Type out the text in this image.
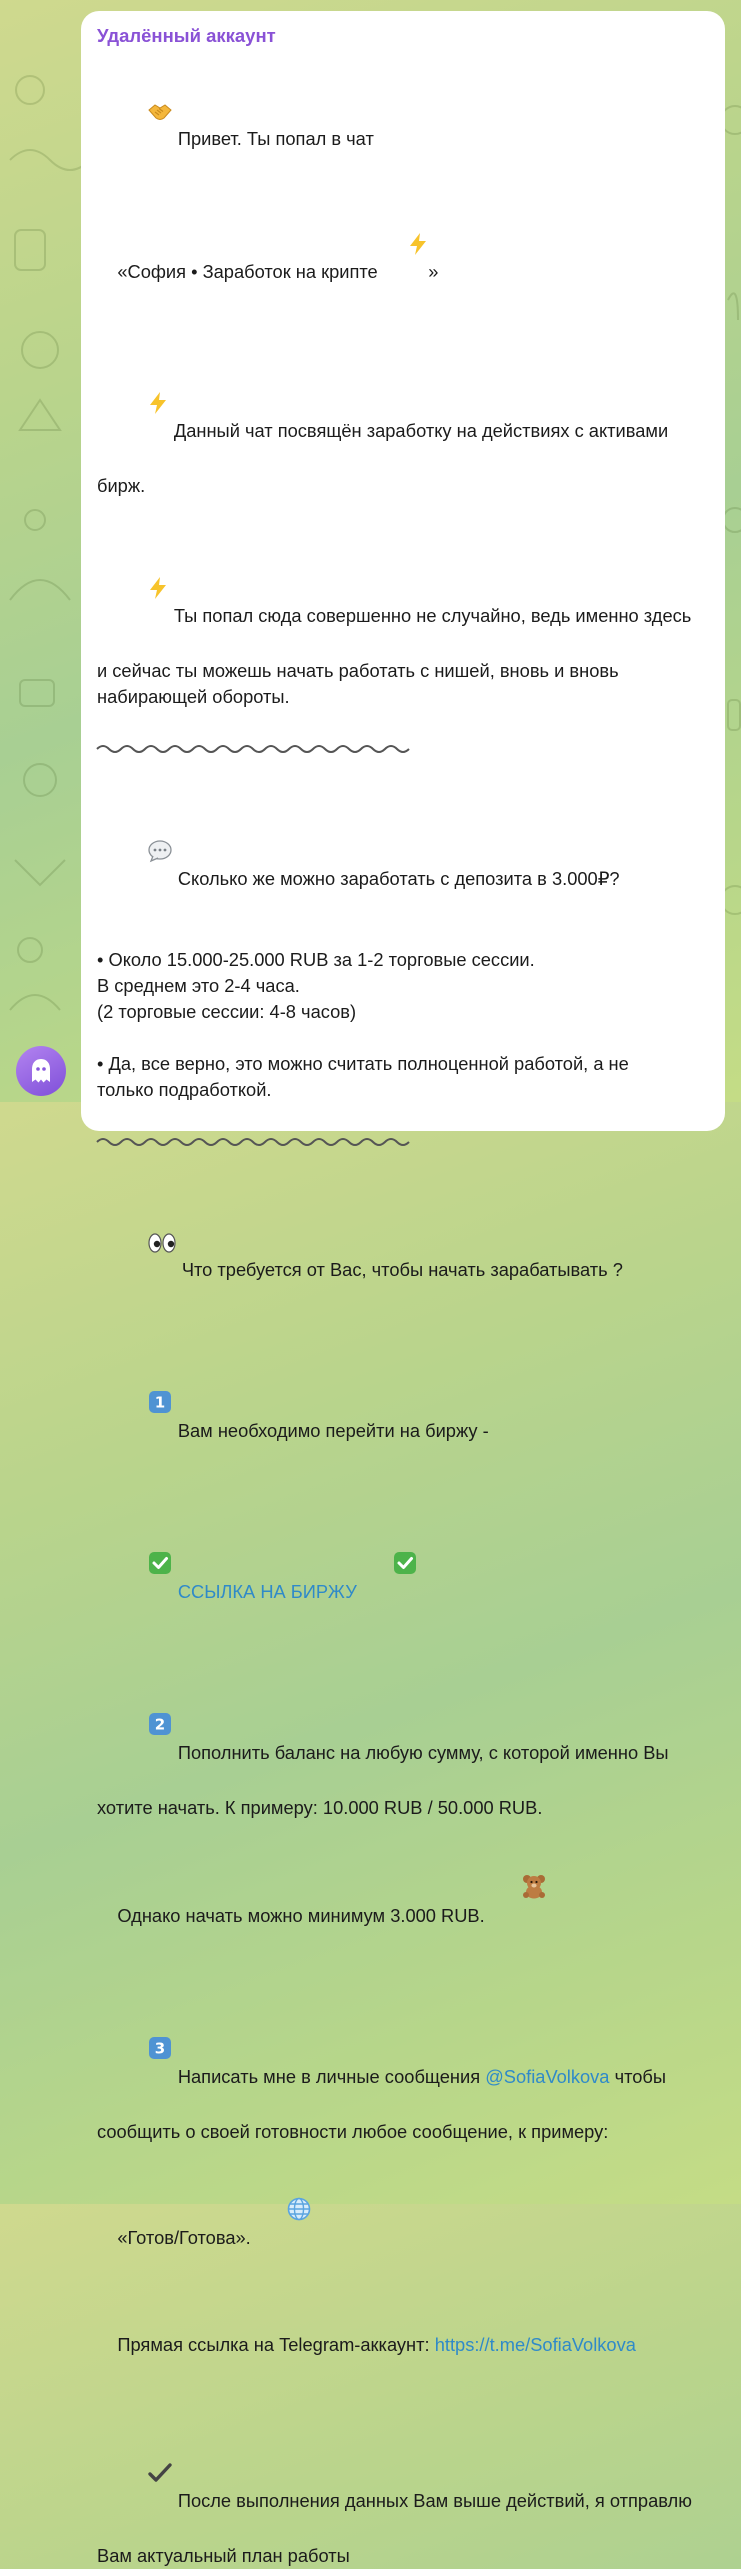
Удалённый аккаунт

Привет. Ты попал в чат

«София • Заработок на крипте
	»

Данный чат посвящён заработку на действиях с активами

бирж.

Ты попал сюда совершенно не случайно, ведь именно здесь

и сейчас ты можешь начать работать с нишей, вновь и вновь
набирающей обороты.

Сколько же можно заработать с депозита в 3.000₽?

• Около 15.000-25.000 RUB за 1-2 торговые сессии.
В среднем это 2-4 часа.
(2 торговые сессии: 4-8 часов)
• Да, все верно, это можно считать полноценной работой, а не
только подработкой.

Что требуется от Вас, чтобы начать зарабатывать ?

1

Вам необходимо перейти на биржу -

ССЫЛКА НА БИРЖУ

2

Пополнить баланс на любую сумму, с которой именно Вы

хотите начать. К примеру: 10.000 RUB / 50.000 RUB.

Однако начать можно минимум 3.000 RUB.

3

Написать мне в личные сообщения @SofiaVolkova чтобы

сообщить о своей готовности любое сообщение, к примеру:

«Готов/Готова».

Прямая ссылка на Telegram-аккаунт: https://t.me/SofiaVolkova

После выполнения данных Вам выше действий, я отправлю

Вам актуальный план работы
